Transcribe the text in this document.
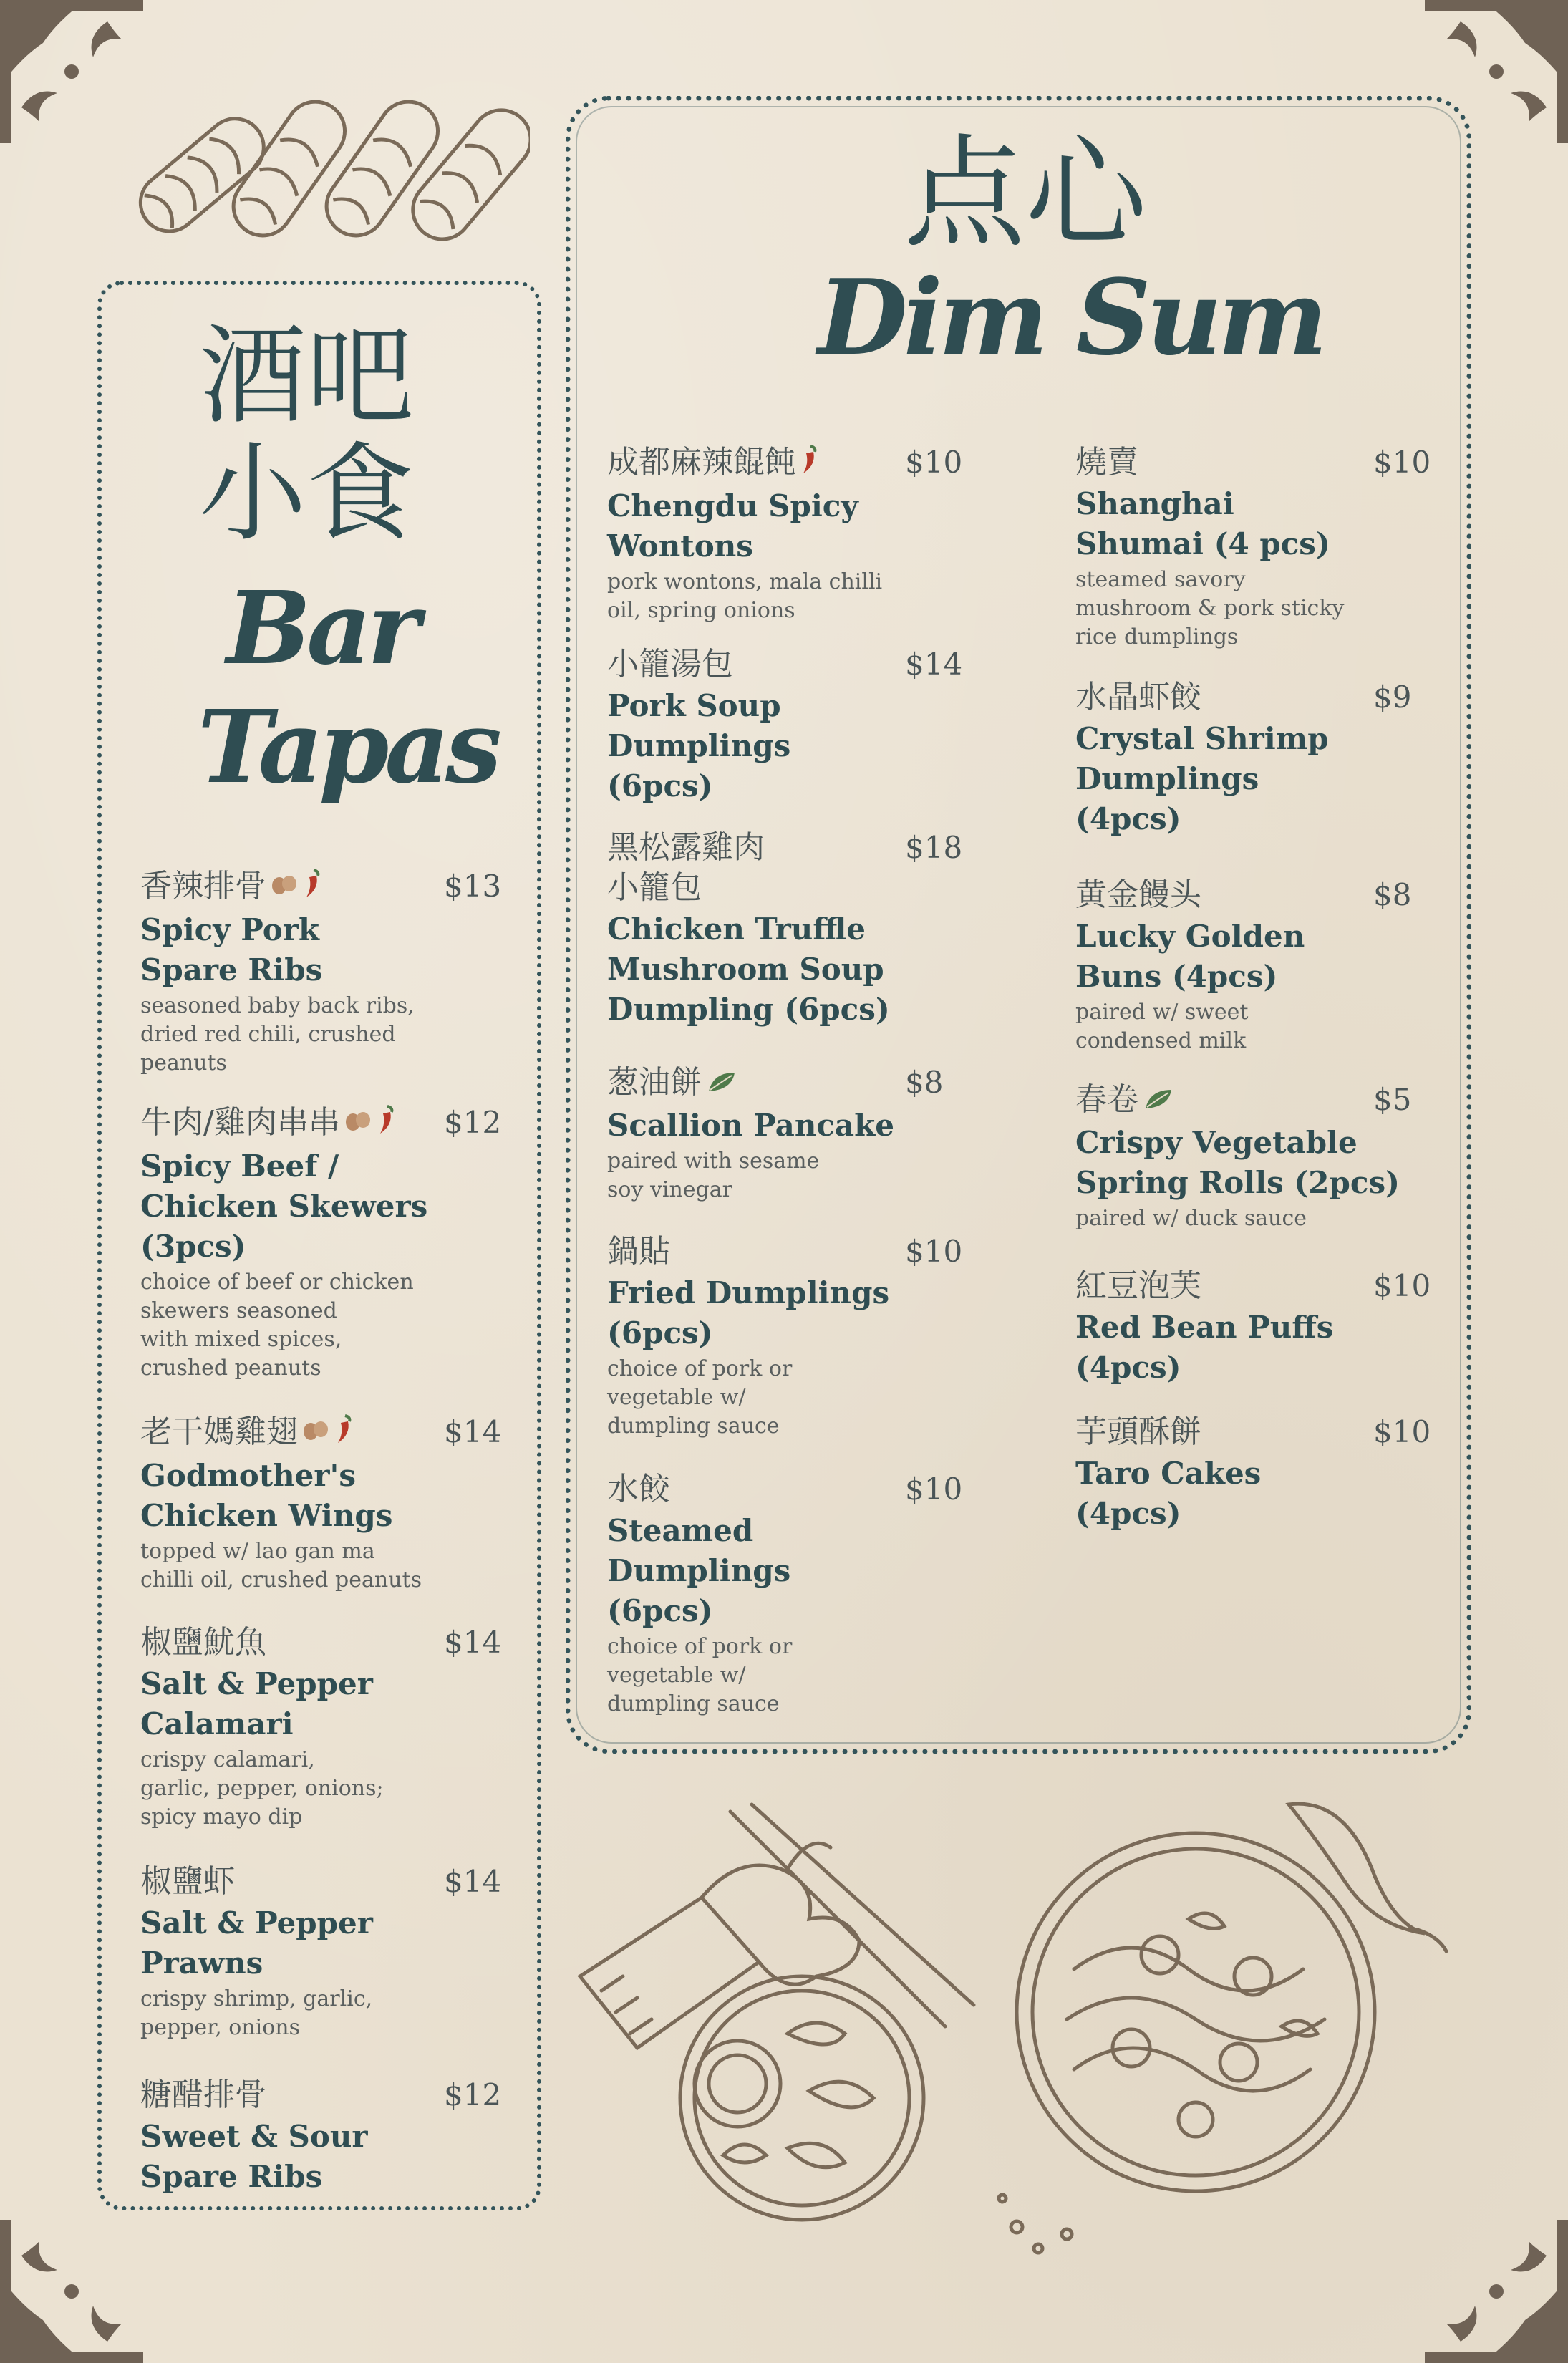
酒吧
小食
Bar
Tapas
点心
Dim Sum
香辣排骨	$13
Spicy Pork
Spare Ribs
seasoned baby back ribs,
dried red chili, crushed
peanuts
牛肉/雞肉串串	$12
Spicy Beef /
Chicken Skewers
(3pcs)
choice of beef or chicken
skewers seasoned
with mixed spices,
crushed peanuts
老干媽雞翅	$14
Godmother's
Chicken Wings
topped w/ lao gan ma
chilli oil, crushed peanuts
椒鹽魷魚	$14
Salt & Pepper
Calamari
crispy calamari,
garlic, pepper, onions;
spicy mayo dip
椒鹽虾	$14
Salt & Pepper
Prawns
crispy shrimp, garlic,
pepper, onions
糖醋排骨	$12
Sweet & Sour
Spare Ribs
成都麻辣餛飩	$10
Chengdu Spicy
Wontons
pork wontons, mala chilli
oil, spring onions
小籠湯包	$14
Pork Soup
Dumplings
(6pcs)
黑松露雞肉	$18
小籠包
Chicken Truffle
Mushroom Soup
Dumpling (6pcs)
葱油餅	$8
Scallion Pancake
paired with sesame
soy vinegar
鍋貼	$10
Fried Dumplings
(6pcs)
choice of pork or
vegetable w/
dumpling sauce
水餃	$10
Steamed
Dumplings
(6pcs)
choice of pork or
vegetable w/
dumpling sauce
燒賣	$10
Shanghai
Shumai (4 pcs)
steamed savory
mushroom & pork sticky
rice dumplings
水晶虾餃	$9
Crystal Shrimp
Dumplings
(4pcs)
黄金饅头	$8
Lucky Golden
Buns (4pcs)
paired w/ sweet
condensed milk
春卷	$5
Crispy Vegetable
Spring Rolls (2pcs)
paired w/ duck sauce
紅豆泡芙	$10
Red Bean Puffs
(4pcs)
芋頭酥餅	$10
Taro Cakes
(4pcs)
